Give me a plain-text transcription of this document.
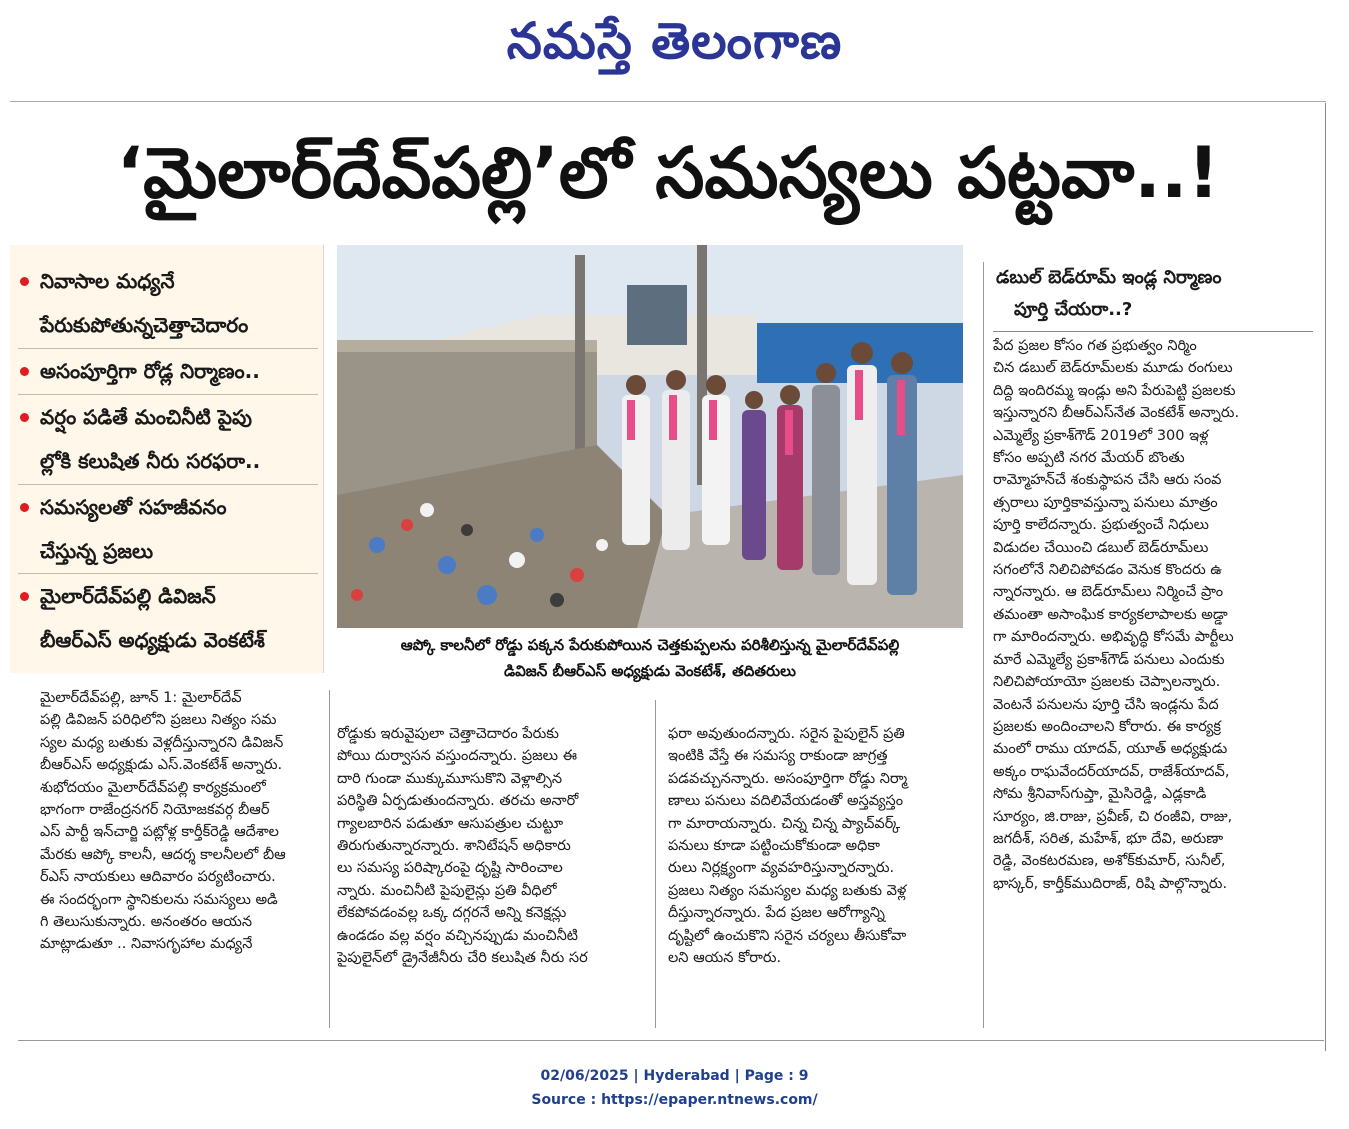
నమస్తే తెలంగాణ
‘మైలార్‌దేవ్‌పల్లి’లో సమస్యలు పట్టవా..!
నివాసాల మధ్యనే
పేరుకుపోతున్నచెత్తాచెదారం
అసంపూర్తిగా రోడ్ల నిర్మాణం..
వర్షం పడితే మంచినీటి పైపు
ల్లోకి కలుషిత నీరు సరఫరా..
సమస్యలతో సహజీవనం
చేస్తున్న ప్రజలు
మైలార్‌దేవ్‌పల్లి డివిజన్
బీఆర్‌ఎస్ అధ్యక్షుడు వెంకటేశ్	ఆప్కో కాలనీలో రోడ్డు పక్కన పేరుకుపోయిన చెత్తకుప్పలను పరిశీలిస్తున్న మైలార్‌దేవ్‌పల్లి
డివిజన్ బీఆర్‌ఎస్ అధ్యక్షుడు వెంకటేశ్, తదితరులు
డబుల్ బెడ్‌రూమ్ ఇండ్ల నిర్మాణం
పూర్తి చేయరా..?
పేద ప్రజల కోసం గత ప్రభుత్వం నిర్మిం
చిన డబుల్ బెడ్‌రూమ్‌లకు మూడు రంగులు
దిద్ది ఇందిరమ్మ ఇండ్లు అని పేరుపెట్టి ప్రజలకు
ఇస్తున్నారని బీఆర్‌ఎస్‌నేత వెంకటేశ్ అన్నారు.
ఎమ్మెల్యే ప్రకాశ్‌గౌడ్ 2019లో 300 ఇళ్ల
కోసం అప్పటి నగర మేయర్ బొంతు
రామ్మోహన్‌చే శంకుస్థాపన చేసి ఆరు సంవ
త్సరాలు పూర్తికావస్తున్నా పనులు మాత్రం
పూర్తి కాలేదన్నారు. ప్రభుత్వంచే నిధులు
విడుదల చేయించి డబుల్ బెడ్‌రూమ్‌లు
సగంలోనే నిలిచిపోవడం వెనుక కొందరు ఉ
న్నారన్నారు. ఆ బెడ్‌రూమ్‌లు నిర్మించే ప్రాం
తమంతా అసాంఘిక కార్యకలాపాలకు అడ్డా
గా మారిందన్నారు. అభివృద్ధి కోసమే పార్టీలు
మారే ఎమ్మెల్యే ప్రకాశ్‌గౌడ్ పనులు ఎందుకు
నిలిచిపోయాయో ప్రజలకు చెప్పాలన్నారు.
వెంటనే పనులను పూర్తి చేసి ఇండ్లను పేద
ప్రజలకు అందించాలని కోరారు. ఈ కార్యక్ర
మంలో రాము యాదవ్, యూత్ అధ్యక్షుడు
అక్కం రాఘవేందర్‌యాదవ్, రాజేశ్‌యాదవ్,
సోమ శ్రీనివాస్‌గుప్తా, మైసిరెడ్డి, ఎడ్లకాడి
సూర్యం, జి.రాజు, ప్రవీణ్, చి రంజీవి, రాజు,
జగదీశ్, సరిత, మహేశ్, భూ దేవి, అరుణా
రెడ్డి, వెంకటరమణ, అశోక్‌కుమార్, సునీల్,
భాస్కర్, కార్తీక్‌ముదిరాజ్, రిషి పాల్గొన్నారు.
మైలార్‌దేవ్‌పల్లి, జూన్ 1: మైలార్‌దేవ్
పల్లి డివిజన్ పరిధిలోని ప్రజలు నిత్యం సమ
స్యల మధ్య బతుకు వెళ్లదీస్తున్నారని డివిజన్
బీఆర్‌ఎస్ అధ్యక్షుడు ఎస్.వెంకటేశ్ అన్నారు.
శుభోదయం మైలార్‌దేవ్‌పల్లి కార్యక్రమంలో
భాగంగా రాజేంద్రనగర్ నియోజకవర్గ బీఆర్
ఎస్ పార్టీ ఇన్‌చార్జి పట్లోళ్ల కార్తీక్‌రెడ్డి ఆదేశాల
మేరకు ఆప్కో కాలనీ, ఆదర్శ కాలనీలలో బీఆ
ర్‌ఎస్ నాయకులు ఆదివారం పర్యటించారు.
ఈ సందర్భంగా స్థానికులను సమస్యలు అడి
గి తెలుసుకున్నారు. అనంతరం ఆయన
మాట్లాడుతూ .. నివాసగృహాల మధ్యనే
రోడ్డుకు ఇరువైపులా చెత్తాచెదారం పేరుకు
పోయి దుర్వాసన వస్తుందన్నారు. ప్రజలు ఈ
దారి గుండా ముక్కుమూసుకొని వెళ్లాల్సిన
పరిస్థితి ఏర్పడుతుందన్నారు. తరచు అనారో
గ్యాలబారిన పడుతూ ఆసుపత్రుల చుట్టూ
తిరుగుతున్నారన్నారు. శానిటేషన్ అధికారు
లు సమస్య పరిష్కారంపై దృష్టి సారించాల
న్నారు. మంచినీటి పైపులైన్లు ప్రతి వీధిలో
లేకపోవడంవల్ల ఒక్క దగ్గరనే అన్ని కనెక్షన్లు
ఉండడం వల్ల వర్షం వచ్చినప్పుడు మంచినీటి
పైపులైన్‌లో డ్రైనేజీనీరు చేరి కలుషిత నీరు సర
ఫరా అవుతుందన్నారు. సరైన పైపులైన్ ప్రతి
ఇంటికి వేస్తే ఈ సమస్య రాకుండా జాగ్రత్త
పడవచ్చునన్నారు. అసంపూర్తిగా రోడ్డు నిర్మా
ణాలు పనులు వదిలివేయడంతో అస్తవ్యస్తం
గా మారాయన్నారు. చిన్న చిన్న ప్యాచ్‌వర్క్
పనులు కూడా పట్టించుకోకుండా అధికా
రులు నిర్లక్ష్యంగా వ్యవహరిస్తున్నారన్నారు.
ప్రజలు నిత్యం సమస్యల మధ్య బతుకు వెళ్ల
దీస్తున్నారన్నారు. పేద ప్రజల ఆరోగ్యాన్ని
దృష్టిలో ఉంచుకొని సరైన చర్యలు తీసుకోవా
లని ఆయన కోరారు.
02/06/2025 | Hyderabad | Page : 9
Source : https://epaper.ntnews.com/
